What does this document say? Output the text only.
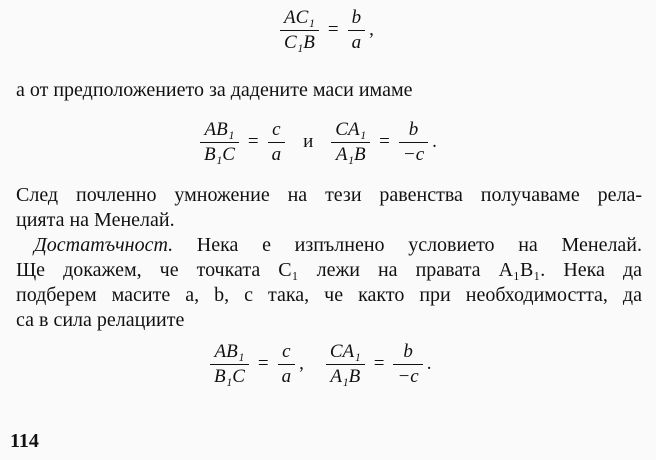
$\frac{\text{AC₁}}{\text{C₁B}} = \frac{b}{a}$ ,
а от предположението за дадените маси имаме
$\frac{\text{AB₁}}{\text{B₁C}} = \frac{c}{a}$ и $\frac{\text{CA₁}}{\text{A₁B}} = \frac{b}{-c}$ .
След почленно умножение на тези равенства получаваме рела-
цията на Менелай.
Достатъчност. Нека е изпълнено условието на Менелай.
Ще докажем, че точката C₁ лежи на правата A₁B₁. Нека да
подберем масите a, b, c така, че както при необходимостта, да
са в сила релациите
$\frac{\text{AB₁}}{\text{B₁C}} = \frac{c}{a}$ , $\frac{\text{CA₁}}{\text{A₁B}} = \frac{b}{-c}$ .
114
